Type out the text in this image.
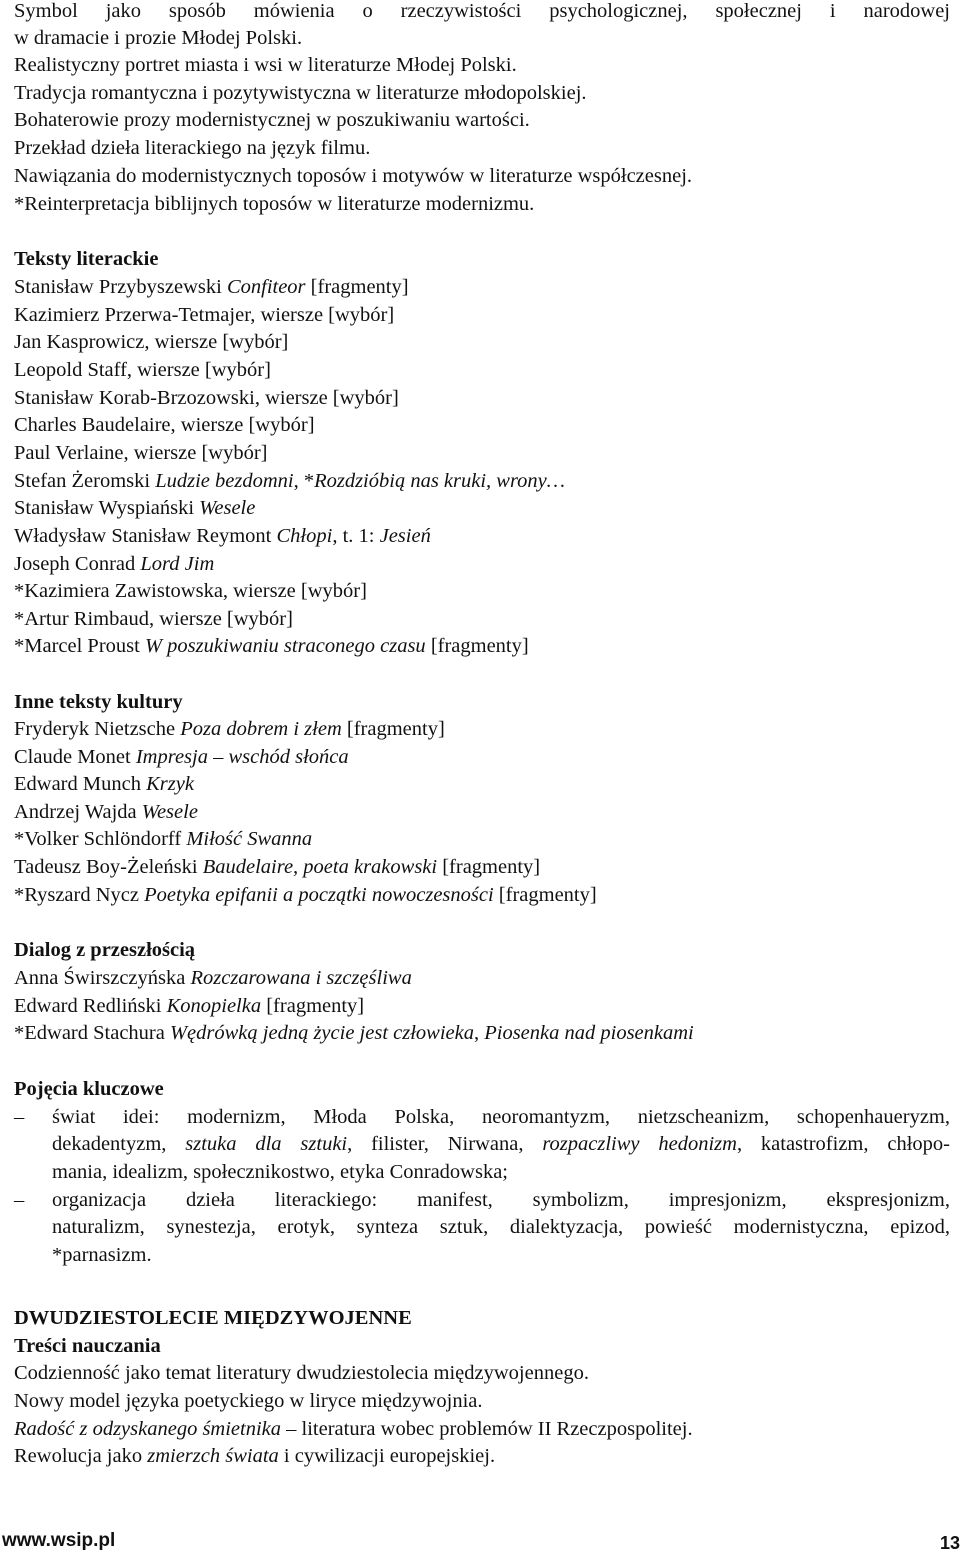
Symbol jako sposób mówienia o rzeczywistości psychologicznej, społecznej i narodowej
w dramacie i prozie Młodej Polski.
Realistyczny portret miasta i wsi w literaturze Młodej Polski.
Tradycja romantyczna i pozytywistyczna w literaturze młodopolskiej.
Bohaterowie prozy modernistycznej w poszukiwaniu wartości.
Przekład dzieła literackiego na język filmu.
Nawiązania do modernistycznych toposów i motywów w literaturze współczesnej.
*Reinterpretacja biblijnych toposów w literaturze modernizmu.
Teksty literackie
Stanisław Przybyszewski Confiteor [fragmenty]
Kazimierz Przerwa-Tetmajer, wiersze [wybór]
Jan Kasprowicz, wiersze [wybór]
Leopold Staff, wiersze [wybór]
Stanisław Korab-Brzozowski, wiersze [wybór]
Charles Baudelaire, wiersze [wybór]
Paul Verlaine, wiersze [wybór]
Stefan Żeromski Ludzie bezdomni, *Rozdzióbią nas kruki, wrony…
Stanisław Wyspiański Wesele
Władysław Stanisław Reymont Chłopi, t. 1: Jesień
Joseph Conrad Lord Jim
*Kazimiera Zawistowska, wiersze [wybór]
*Artur Rimbaud, wiersze [wybór]
*Marcel Proust W poszukiwaniu straconego czasu [fragmenty]
Inne teksty kultury
Fryderyk Nietzsche Poza dobrem i złem [fragmenty]
Claude Monet Impresja – wschód słońca
Edward Munch Krzyk
Andrzej Wajda Wesele
*Volker Schlöndorff Miłość Swanna
Tadeusz Boy-Żeleński Baudelaire, poeta krakowski [fragmenty]
*Ryszard Nycz Poetyka epifanii a początki nowoczesności [fragmenty]
Dialog z przeszłością
Anna Świrszczyńska Rozczarowana i szczęśliwa
Edward Redliński Konopielka [fragmenty]
*Edward Stachura Wędrówką jedną życie jest człowieka, Piosenka nad piosenkami
Pojęcia kluczowe
– świat idei: modernizm, Młoda Polska, neoromantyzm, nietzscheanizm, schopenhaueryzm,
dekadentyzm, sztuka dla sztuki, filister, Nirwana, rozpaczliwy hedonizm, katastrofizm, chłopo-
mania, idealizm, społecznikostwo, etyka Conradowska;
– organizacja dzieła literackiego: manifest, symbolizm, impresjonizm, ekspresjonizm,
naturalizm, synestezja, erotyk, synteza sztuk, dialektyzacja, powieść modernistyczna, epizod,
*parnasizm.
DWUDZIESTOLECIE MIĘDZYWOJENNE
Treści nauczania
Codzienność jako temat literatury dwudziestolecia międzywojennego.
Nowy model języka poetyckiego w liryce międzywojnia.
Radość z odzyskanego śmietnika – literatura wobec problemów II Rzeczpospolitej.
Rewolucja jako zmierzch świata i cywilizacji europejskiej.
www.wsip.pl	13
